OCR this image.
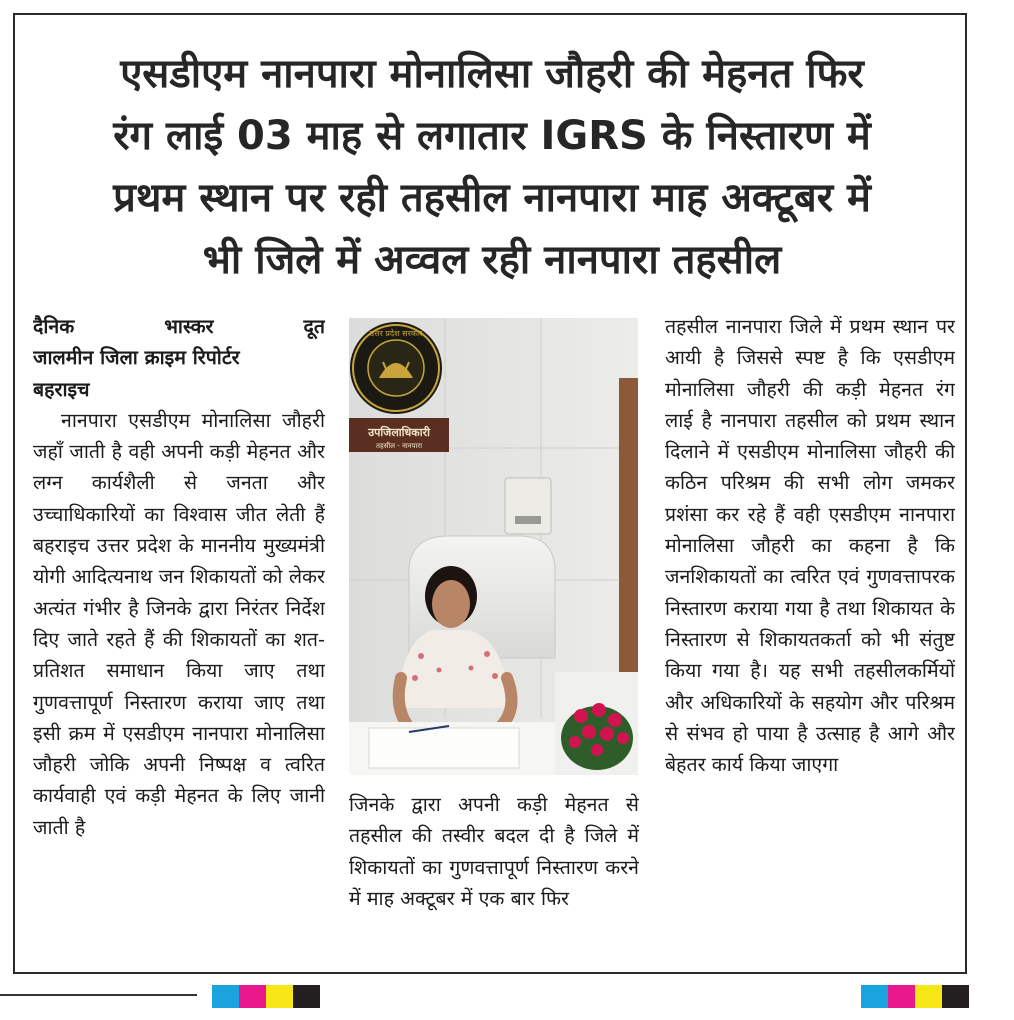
एसडीएम नानपारा मोनालिसा जौहरी की मेहनत फिर
रंग लाई 03 माह से लगातार IGRS के निस्तारण में
प्रथम स्थान पर रही तहसील नानपारा माह अक्टूबर में
भी जिले में अव्वल रही नानपारा तहसील

दैनिक भास्कर दूत
जालमीन जिला क्राइम रिपोर्टर
बहराइच

नानपारा एसडीएम मोनालिसा जौहरी जहाँ जाती है वही अपनी कड़ी मेहनत और लग्न कार्यशैली से जनता और उच्चाधिकारियों का विश्वास जीत लेती हैं बहराइच उत्तर प्रदेश के माननीय मुख्यमंत्री योगी आदित्यनाथ जन शिकायतों को लेकर अत्यंत गंभीर है जिनके द्वारा निरंतर निर्देश दिए जाते रहते हैं की शिकायतों का शत-प्रतिशत समाधान किया जाए तथा गुणवत्तापूर्ण निस्तारण कराया जाए तथा इसी क्रम में एसडीएम नानपारा मोनालिसा जौहरी जोकि अपनी निष्पक्ष व त्वरित कार्यवाही एवं कड़ी मेहनत के लिए जानी जाती है

उत्तर प्रदेश सरकार
उपजिलाधिकारी
तहसील - नानपारा

जिनके द्वारा अपनी कड़ी मेहनत से तहसील की तस्वीर बदल दी है जिले में शिकायतों का गुणवत्तापूर्ण निस्तारण करने में माह अक्टूबर में एक बार फिर

तहसील नानपारा जिले में प्रथम स्थान पर आयी है जिससे स्पष्ट है कि एसडीएम मोनालिसा जौहरी की कड़ी मेहनत रंग लाई है नानपारा तहसील को प्रथम स्थान दिलाने में एसडीएम मोनालिसा जौहरी की कठिन परिश्रम की सभी लोग जमकर प्रशंसा कर रहे हैं वही एसडीएम नानपारा मोनालिसा जौहरी का कहना है कि जनशिकायतों का त्वरित एवं गुणवत्तापरक निस्तारण कराया गया है तथा शिकायत के निस्तारण से शिकायतकर्ता को भी संतुष्ट किया गया है। यह सभी तहसीलकर्मियों और अधिकारियों के सहयोग और परिश्रम से संभव हो पाया है उत्साह है आगे और बेहतर कार्य किया जाएगा
